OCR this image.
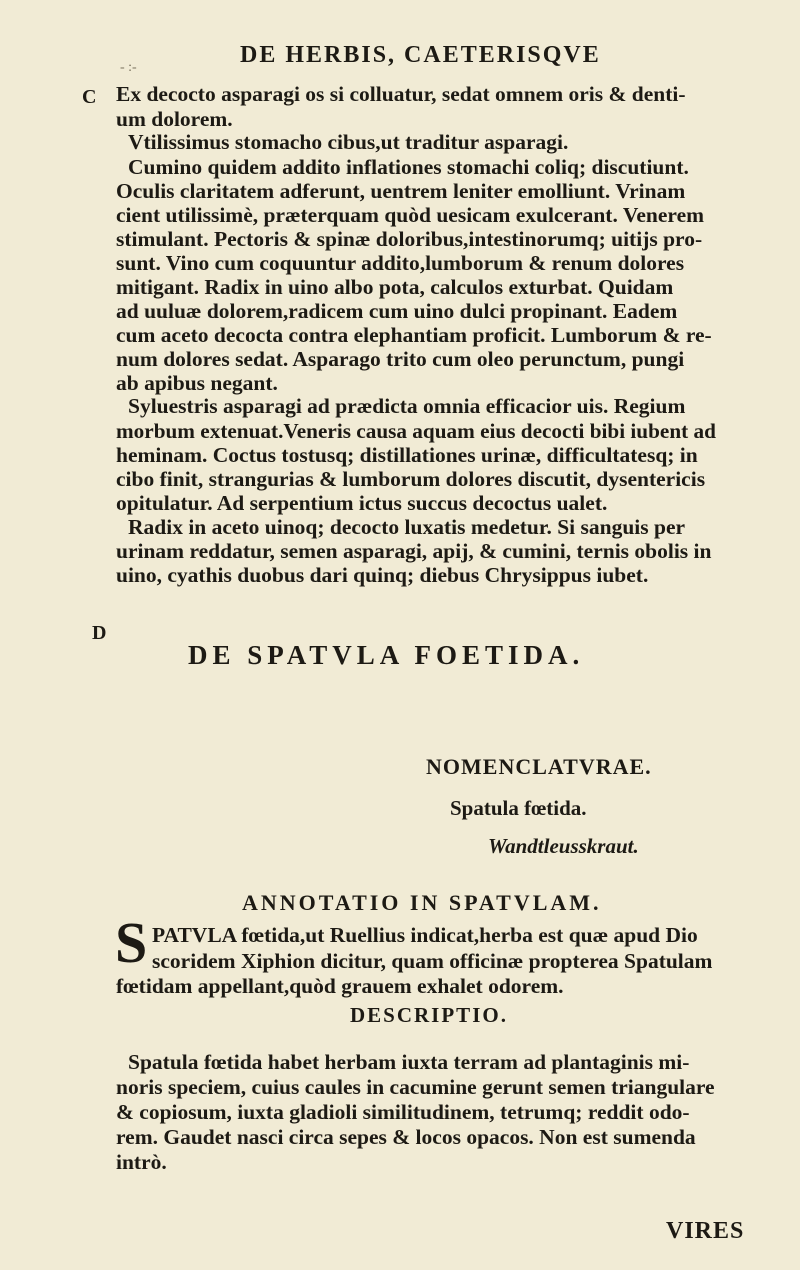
- :-	DE HERBIS, CAETERISQVE
C
D
Ex decocto asparagi os si colluatur, sedat omnem oris & denti-
um dolorem.
Vtilissimus stomacho cibus,ut traditur asparagi.
Cumino quidem addito inflationes stomachi coliq; discutiunt.
Oculis claritatem adferunt, uentrem leniter emolliunt. Vrinam
cient utilissimè, prӕterquam quòd uesicam exulcerant. Venerem
stimulant. Pectoris & spinӕ doloribus,intestinorumq; uitijs pro-
sunt. Vino cum coquuntur addito,lumborum & renum dolores
mitigant. Radix in uino albo pota, calculos exturbat. Quidam
ad uuluӕ dolorem,radicem cum uino dulci propinant. Eadem
cum aceto decocta contra elephantiam proficit. Lumborum & re-
num dolores sedat. Asparago trito cum oleo perunctum, pungi
ab apibus negant.
Syluestris asparagi ad prӕdicta omnia efficacior uis. Regium
morbum extenuat.Veneris causa aquam eius decocti bibi iubent ad
heminam. Coctus tostusq; distillationes urinӕ, difficultatesq; in
cibo finit, strangurias & lumborum dolores discutit, dysentericis
opitulatur. Ad serpentium ictus succus decoctus ualet.
Radix in aceto uinoq; decocto luxatis medetur. Si sanguis per
urinam reddatur, semen asparagi, apij, & cumini, ternis obolis in
uino, cyathis duobus dari quinq; diebus Chrysippus iubet.
DE SPATVLA FOETIDA.
NOMENCLATVRAE.
Spatula fœtida.
Wandtleusskraut.
ANNOTATIO IN SPATVLAM.
S PATVLA fœtida,ut Ruellius indicat,herba est quӕ apud Dio
scoridem Xiphion dicitur, quam officinӕ propterea Spatulam
fœtidam appellant,quòd grauem exhalet odorem.
DESCRIPTIO.
Spatula fœtida habet herbam iuxta terram ad plantaginis mi-
noris speciem, cuius caules in cacumine gerunt semen triangulare
& copiosum, iuxta gladioli similitudinem, tetrumq; reddit odo-
rem. Gaudet nasci circa sepes & locos opacos. Non est sumenda
intrò.
VIRES
